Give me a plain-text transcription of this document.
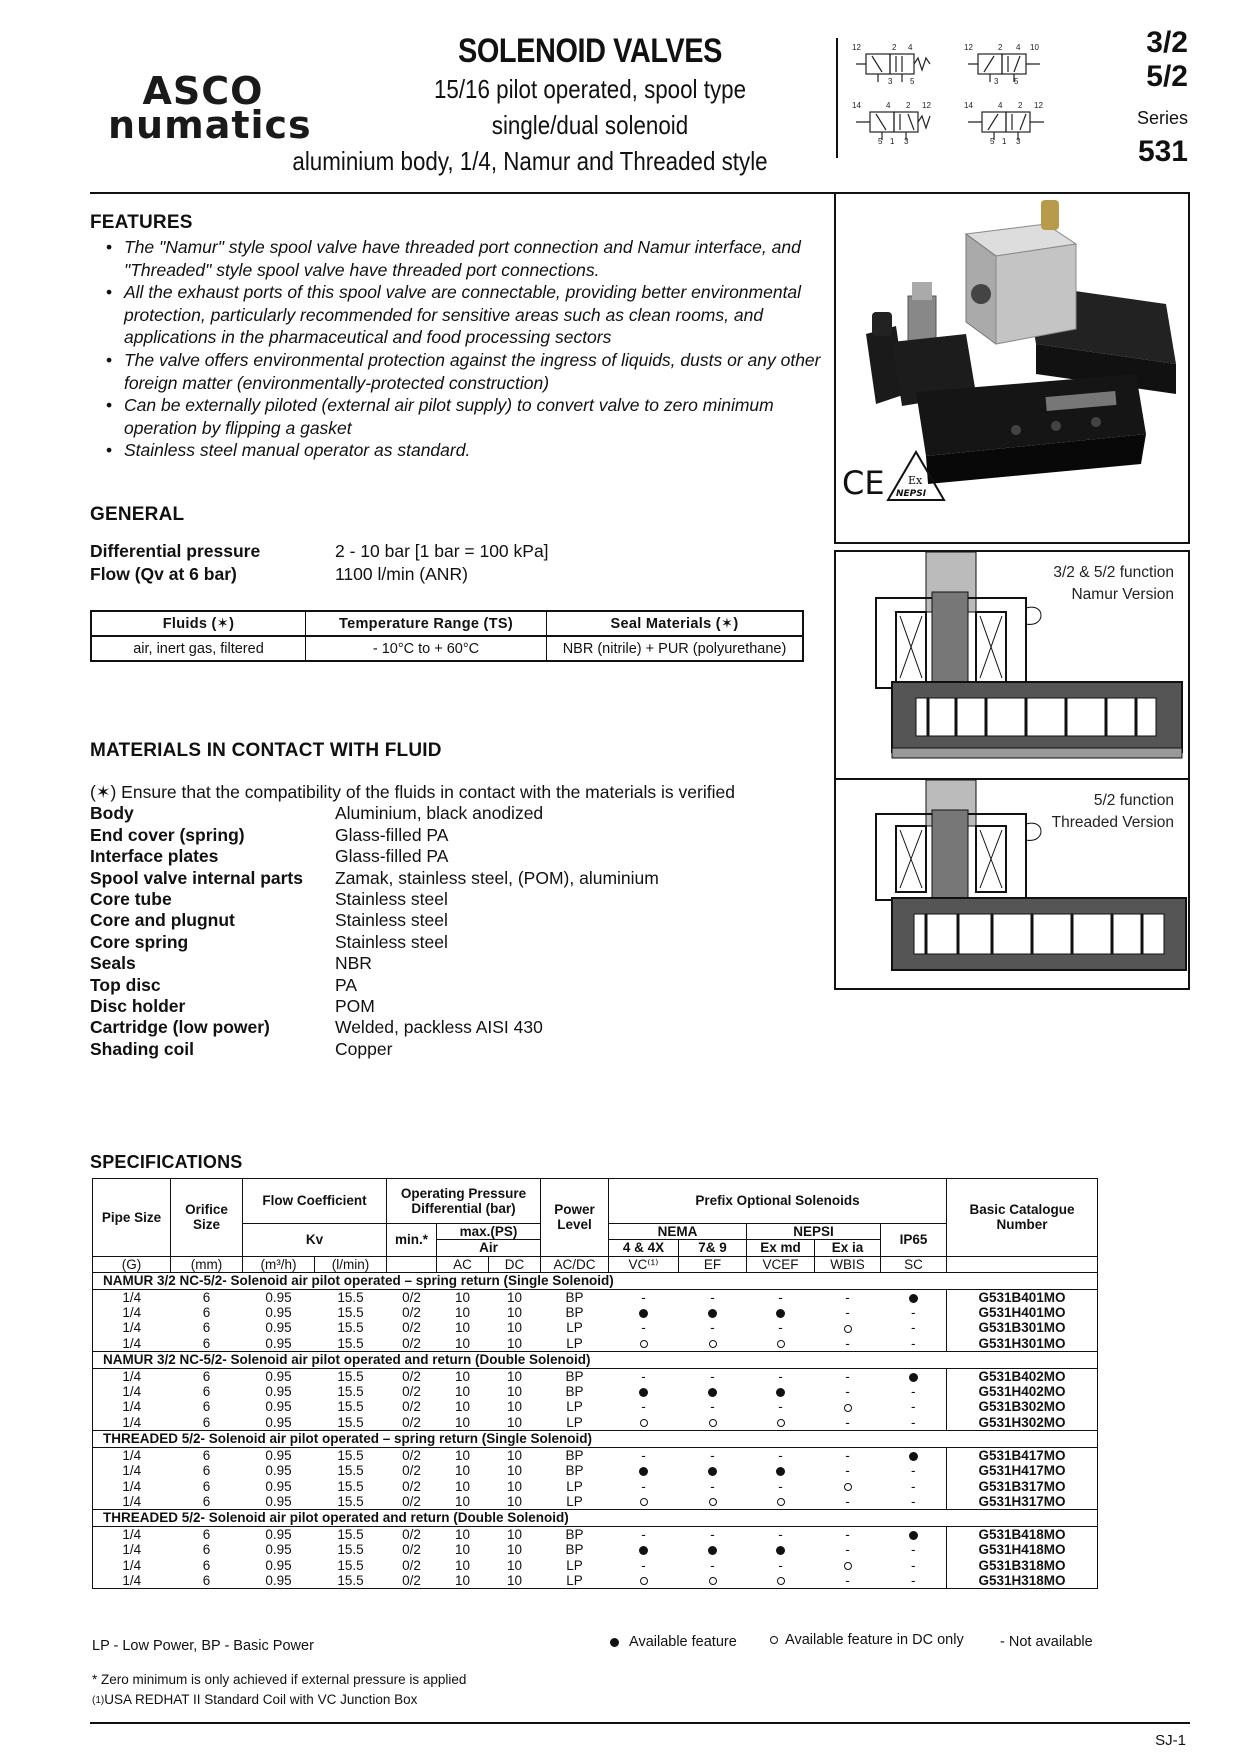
ASCO
numatics
SOLENOID VALVES
15/16 pilot operated, spool type
single/dual solenoid
aluminium body, 1/4, Namur and Threaded style
12	2 4
3 5
12	2 4 10
3 5
14	4 2 12
5 1 3
14	4 2 12
5 1 3
3/2
5/2
Series
531
FEATURES
• The "Namur" style spool valve have threaded port connection and Namur interface, and "Threaded" style spool valve have threaded port connections.
• All the exhaust ports of this spool valve are connectable, providing better environmental protection, particularly recommended for sensitive areas such as clean rooms, and applications in the pharmaceutical and food processing sectors
• The valve offers environmental protection against the ingress of liquids, dusts or any other foreign matter (environmentally-protected construction)
• Can be externally piloted (external air pilot supply) to convert valve to zero minimum operation by flipping a gasket
• Stainless steel manual operator as standard.
GENERAL
Differential pressure	2 - 10 bar [1 bar = 100 kPa]
Flow (Qv at 6 bar)	1100 l/min (ANR)
Fluids (✶)	Temperature Range (TS)	Seal Materials (✶)
air, inert gas, filtered	- 10°C to + 60°C	NBR (nitrile) + PUR (polyurethane)
MATERIALS IN CONTACT WITH FLUID
(✶) Ensure that the compatibility of the fluids in contact with the materials is verified
Body	Aluminium, black anodized
End cover (spring)	Glass-filled PA
Interface plates	Glass-filled PA
Spool valve internal parts Zamak, stainless steel, (POM), aluminium
Core tube	Stainless steel
Core and plugnut	Stainless steel
Core spring	Stainless steel
Seals	NBR
Top disc	PA
Disc holder	POM
Cartridge (low power)	Welded, packless AISI 430
Shading coil	Copper
CE Ex
NEPSI
3/2 & 5/2 function
Namur Version
5/2 function
Threaded Version
SPECIFICATIONS
Pipe Size	Orifice Size	Flow Coefficient		Operating Pressure Differential (bar)			Power Level	Prefix Optional Solenoids					Basic Catalogue Number

		Kv		min.*	max.(PS)			NEMA		NEPSI		IP65	
					Air			4 & 4X	7& 9	Ex md	Ex ia		
(G)	(mm)	(m³/h)	(l/min)		AC	DC	AC/DC	VC⁽¹⁾	EF	VCEF	WBIS	SC	
NAMUR 3/2 NC-5/2- Solenoid air pilot operated – spring return (Single Solenoid)													
1/4	6	0.95	15.5	0/2	10	10	BP	-	-	-	-		G531B401MO
1/4	6	0.95	15.5	0/2	10	10	BP				-	-	G531H401MO
1/4	6	0.95	15.5	0/2	10	10	LP	-	-	-		-	G531B301MO
1/4	6	0.95	15.5	0/2	10	10	LP				-	-	G531H301MO
NAMUR 3/2 NC-5/2- Solenoid air pilot operated and return (Double Solenoid)													
1/4	6	0.95	15.5	0/2	10	10	BP	-	-	-	-		G531B402MO
1/4	6	0.95	15.5	0/2	10	10	BP				-	-	G531H402MO
1/4	6	0.95	15.5	0/2	10	10	LP	-	-	-		-	G531B302MO
1/4	6	0.95	15.5	0/2	10	10	LP				-	-	G531H302MO
THREADED 5/2- Solenoid air pilot operated – spring return (Single Solenoid)													
1/4	6	0.95	15.5	0/2	10	10	BP	-	-	-	-		G531B417MO
1/4	6	0.95	15.5	0/2	10	10	BP				-	-	G531H417MO
1/4	6	0.95	15.5	0/2	10	10	LP	-	-	-		-	G531B317MO
1/4	6	0.95	15.5	0/2	10	10	LP				-	-	G531H317MO
THREADED 5/2- Solenoid air pilot operated and return (Double Solenoid)													
1/4	6	0.95	15.5	0/2	10	10	BP	-	-	-	-		G531B418MO
1/4	6	0.95	15.5	0/2	10	10	BP				-	-	G531H418MO
1/4	6	0.95	15.5	0/2	10	10	LP	-	-	-		-	G531B318MO
1/4	6	0.95	15.5	0/2	10	10	LP				-	-	G531H318MO
LP - Low Power, BP - Basic Power	Available feature	Available feature in DC only	- Not available
* Zero minimum is only achieved if external pressure is applied
(1)USA REDHAT II Standard Coil with VC Junction Box
SJ-1
